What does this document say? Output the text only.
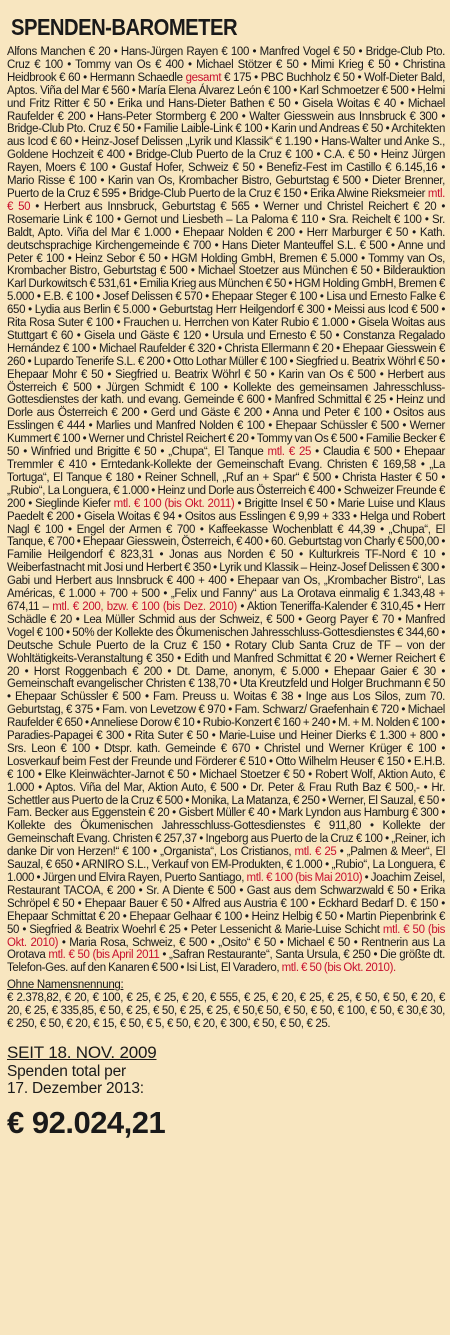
SPENDEN-BAROMETER
Alfons Manchen € 20 • Hans-Jürgen Rayen € 100 • Manfred Vogel € 50 • Bridge-Club Pto. Cruz € 100 • Tommy van Os € 400 • Michael Stötzer € 50 • Mimi Krieg € 50 • Christina Heidbrook € 60 • Hermann Schaedle gesamt € 175 • PBC Buchholz € 50 • Wolf-Dieter Bald, Aptos. Viña del Mar € 560 • María Elena Álvarez León € 100 • Karl Schmoetzer € 500 • Helmi und Fritz Ritter € 50 • Erika und Hans-Dieter Bathen € 50 • Gisela Woitas € 40 • Michael Raufelder € 200 • Hans-Peter Stormberg € 200 • Walter Giesswein aus Innsbruck € 300 • Bridge-Club Pto. Cruz € 50 • Familie Laible-Link € 100 • Karin und Andreas € 50 • Architekten aus Icod € 60 • Heinz-Josef Delissen „Lyrik und Klassik“ € 1.190 • Hans-Walter und Anke S., Goldene Hochzeit € 400 • Bridge-Club Puerto de la Cruz € 100 • C.A. € 50 • Heinz Jürgen Rayen, Moers € 100 • Gustaf Hofer, Schweiz € 50 • Benefiz-Fest im Castillo € 6.145,16 • Mario Risse € 100 • Karin van Os, Krombacher Bistro, Geburtstag € 500 • Dieter Brenner, Puerto de la Cruz € 595 • Bridge-Club Puerto de la Cruz € 150 • Erika Alwine Rieksmeier mtl. € 50 • Herbert aus Innsbruck, Geburtstag € 565 • Werner und Christel Reichert € 20 • Rosemarie Link € 100 • Gernot und Liesbeth – La Paloma € 110 • Sra. Reichelt € 100 • Sr. Baldt, Apto. Viña del Mar € 1.000 • Ehepaar Nolden € 200 • Herr Marburger € 50 • Kath. deutschsprachige Kirchengemeinde € 700 • Hans Dieter Manteuffel S.L. € 500 • Anne und Peter € 100 • Heinz Sebor € 50 • HGM Holding GmbH, Bremen € 5.000 • Tommy van Os, Krombacher Bistro, Geburtstag € 500 • Michael Stoetzer aus München € 50 • Bilderauktion Karl Durkowitsch € 531,61 • Emilia Krieg aus München € 50 • HGM Holding GmbH, Bremen € 5.000 • E.B. € 100 • Josef Delissen € 570 • Ehepaar Steger € 100 • Lisa und Ernesto Falke € 650 • Lydia aus Berlin € 5.000 • Geburtstag Herr Heilgendorf € 300 • Meissi aus Icod € 500 • Rita Rosa Suter € 100 • Frauchen u. Herrchen von Kater Rubio € 1.000 • Gisela Woitas aus Stuttgart € 60 • Gisela und Gäste € 120 • Ursula und Ernesto € 50 • Constanza Regalado Hernández € 100 • Michael Raufelder € 320 • Christa Ellermann € 20 • Ehepaar Giesswein € 260 • Lupardo Tenerife S.L. € 200 • Otto Lothar Müller € 100 • Siegfried u. Beatrix Wöhrl € 50 • Ehepaar Mohr € 50 • Siegfried u. Beatrix Wöhrl € 50 • Karin van Os € 500 • Herbert aus Österreich € 500 • Jürgen Schmidt € 100 • Kollekte des gemeinsamen Jahresschluss-Gottesdienstes der kath. und evang. Gemeinde € 600 • Manfred Schmittal € 25 • Heinz und Dorle aus Österreich € 200 • Gerd und Gäste € 200 • Anna und Peter € 100 • Ositos aus Esslingen € 444 • Marlies und Manfred Nolden € 100 • Ehepaar Schüssler € 500 • Werner Kummert € 100 • Werner und Christel Reichert € 20 • Tommy van Os € 500 • Familie Becker € 50 • Winfried und Brigitte € 50 • „Chupa“, El Tanque mtl. € 25 • Claudia € 500 • Ehepaar Tremmler € 410 • Erntedank-Kollekte der Gemeinschaft Evang. Christen € 169,58 • „La Tortuga“, El Tanque € 180 • Reiner Schnell, „Ruf an + Spar“ € 500 • Christa Haster € 50 • „Rubio“, La Longuera, € 1.000 • Heinz und Dorle aus Österreich € 400 • Schweizer Freunde € 200 • Sieglinde Kiefer mtl. € 100 (bis Okt. 2011) • Brigitte Insel € 50 • Marie Luise und Klaus Paedelt € 200 • Gisela Woitas € 94 • Ositos aus Esslingen € 9,99 + 333 • Helga und Robert Nagl € 100 • Engel der Armen € 700 • Kaffeekasse Wochenblatt € 44,39 • „Chupa“, El Tanque, € 700 • Ehepaar Giesswein, Österreich, € 400 • 60. Geburtstag von Charly € 500,00 • Familie Heilgendorf € 823,31 • Jonas aus Norden € 50 • Kulturkreis TF-Nord € 10 • Weiberfastnacht mit Josi und Herbert € 350 • Lyrik und Klassik – Heinz-Josef Delissen € 300 • Gabi und Herbert aus Innsbruck € 400 + 400 • Ehepaar van Os, „Krombacher Bistro“, Las Américas, € 1.000 + 700 + 500 • „Felix und Fanny“ aus La Orotava einmalig € 1.343,48 + 674,11 – mtl. € 200, bzw. € 100 (bis Dez. 2010) • Aktion Teneriffa-Kalender € 310,45 • Herr Schädle € 20 • Lea Müller Schmid aus der Schweiz, € 500 • Georg Payer € 70 • Manfred Vogel € 100 • 50% der Kollekte des Ökumenischen Jahresschluss-Gottesdienstes € 344,60 • Deutsche Schule Puerto de la Cruz € 150 • Rotary Club Santa Cruz de TF – von der Wohltätigkeits-Veranstaltung € 350 • Edith und Manfred Schmittat € 20 • Werner Reichert € 20 • Horst Roggenbach € 200 • Dt. Dame, anonym, € 5.000 • Ehepaar Gaier € 30 • Gemeinschaft evangelischer Christen € 138,70 • Uta Kreutzfeld und Holger Bruchmann € 50 • Ehepaar Schüssler € 500 • Fam. Preuss u. Woitas € 38 • Inge aus Los Silos, zum 70. Geburtstag, € 375 • Fam. von Levetzow € 970 • Fam. Schwarz/ Graefenhain € 720 • Michael Raufelder € 650 • Anneliese Dorow € 10 • Rubio-Konzert € 160 + 240 • M. + M. Nolden € 100 • Paradies-Papagei € 300 • Rita Suter € 50 • Marie-Luise und Heiner Dierks € 1.300 + 800 • Srs. Leon € 100 • Dtspr. kath. Gemeinde € 670 • Christel und Werner Krüger € 100 • Losverkauf beim Fest der Freunde und Förderer € 510 • Otto Wilhelm Heuser € 150 • E.H.B. € 100 • Elke Kleinwächter-Jarnot € 50 • Michael Stoetzer € 50 • Robert Wolf, Aktion Auto, € 1.000 • Aptos. Viña del Mar, Aktion Auto, € 500 • Dr. Peter & Frau Ruth Baz € 500,- • Hr. Schettler aus Puerto de la Cruz € 500 • Monika, La Matanza, € 250 • Werner, El Sauzal, € 50 • Fam. Becker aus Eggenstein € 20 • Gisbert Müller € 40 • Mark Lyndon aus Hamburg € 300 • Kollekte des Ökumenischen Jahresschluss-Gottesdienstes € 911,80 • Kollekte der Gemeinschaft Evang. Christen € 257,37 • Ingeborg aus Puerto de la Cruz € 100 • „Reiner, ich danke Dir von Herzen!“ € 100 • „Organista“, Los Cristianos, mtl. € 25 • „Palmen & Meer“, El Sauzal, € 650 • ARNIRO S.L., Verkauf von EM-Produkten, € 1.000 • „Rubio“, La Longuera, € 1.000 • Jürgen und Elvira Rayen, Puerto Santiago, mtl. € 100 (bis Mai 2010) • Joachim Zeisel, Restaurant TACOA, € 200 • Sr. A Diente € 500 • Gast aus dem Schwarzwald € 50 • Erika Schröpel € 50 • Ehepaar Bauer € 50 • Alfred aus Austria € 100 • Eckhard Bedarf D. € 150 • Ehepaar Schmittat € 20 • Ehepaar Gelhaar € 100 • Heinz Helbig € 50 • Martin Piepenbrink € 50 • Siegfried & Beatrix Woehrl € 25 • Peter Lessenicht & Marie-Luise Schicht mtl. € 50 (bis Okt. 2010) • Maria Rosa, Schweiz, € 500 • „Osito“ € 50 • Michael € 50 • Rentnerin aus La Orotava mtl. € 50 (bis April 2011 • „Safran Restaurante“, Santa Ursula, € 250 • Die größte dt. Telefon-Ges. auf den Kanaren € 500 • Isi List, El Varadero, mtl. € 50 (bis Okt. 2010).
Ohne Namensnennung:
€ 2.378,82, € 20, € 100, € 25, € 25, € 20, € 555, € 25, € 20, € 25, € 25, € 50, € 50, € 20, € 20, € 25, € 335,85, € 50, € 25, € 50, € 25, € 25, € 50,€ 50, € 50, € 50, € 100, € 50, € 30,€ 30, € 250, € 50, € 20, € 15, € 50, € 5, € 50, € 20, € 300, € 50, € 50, € 25.
SEIT 18. NOV. 2009
Spenden total per
17. Dezember 2013:
€ 92.024,21
